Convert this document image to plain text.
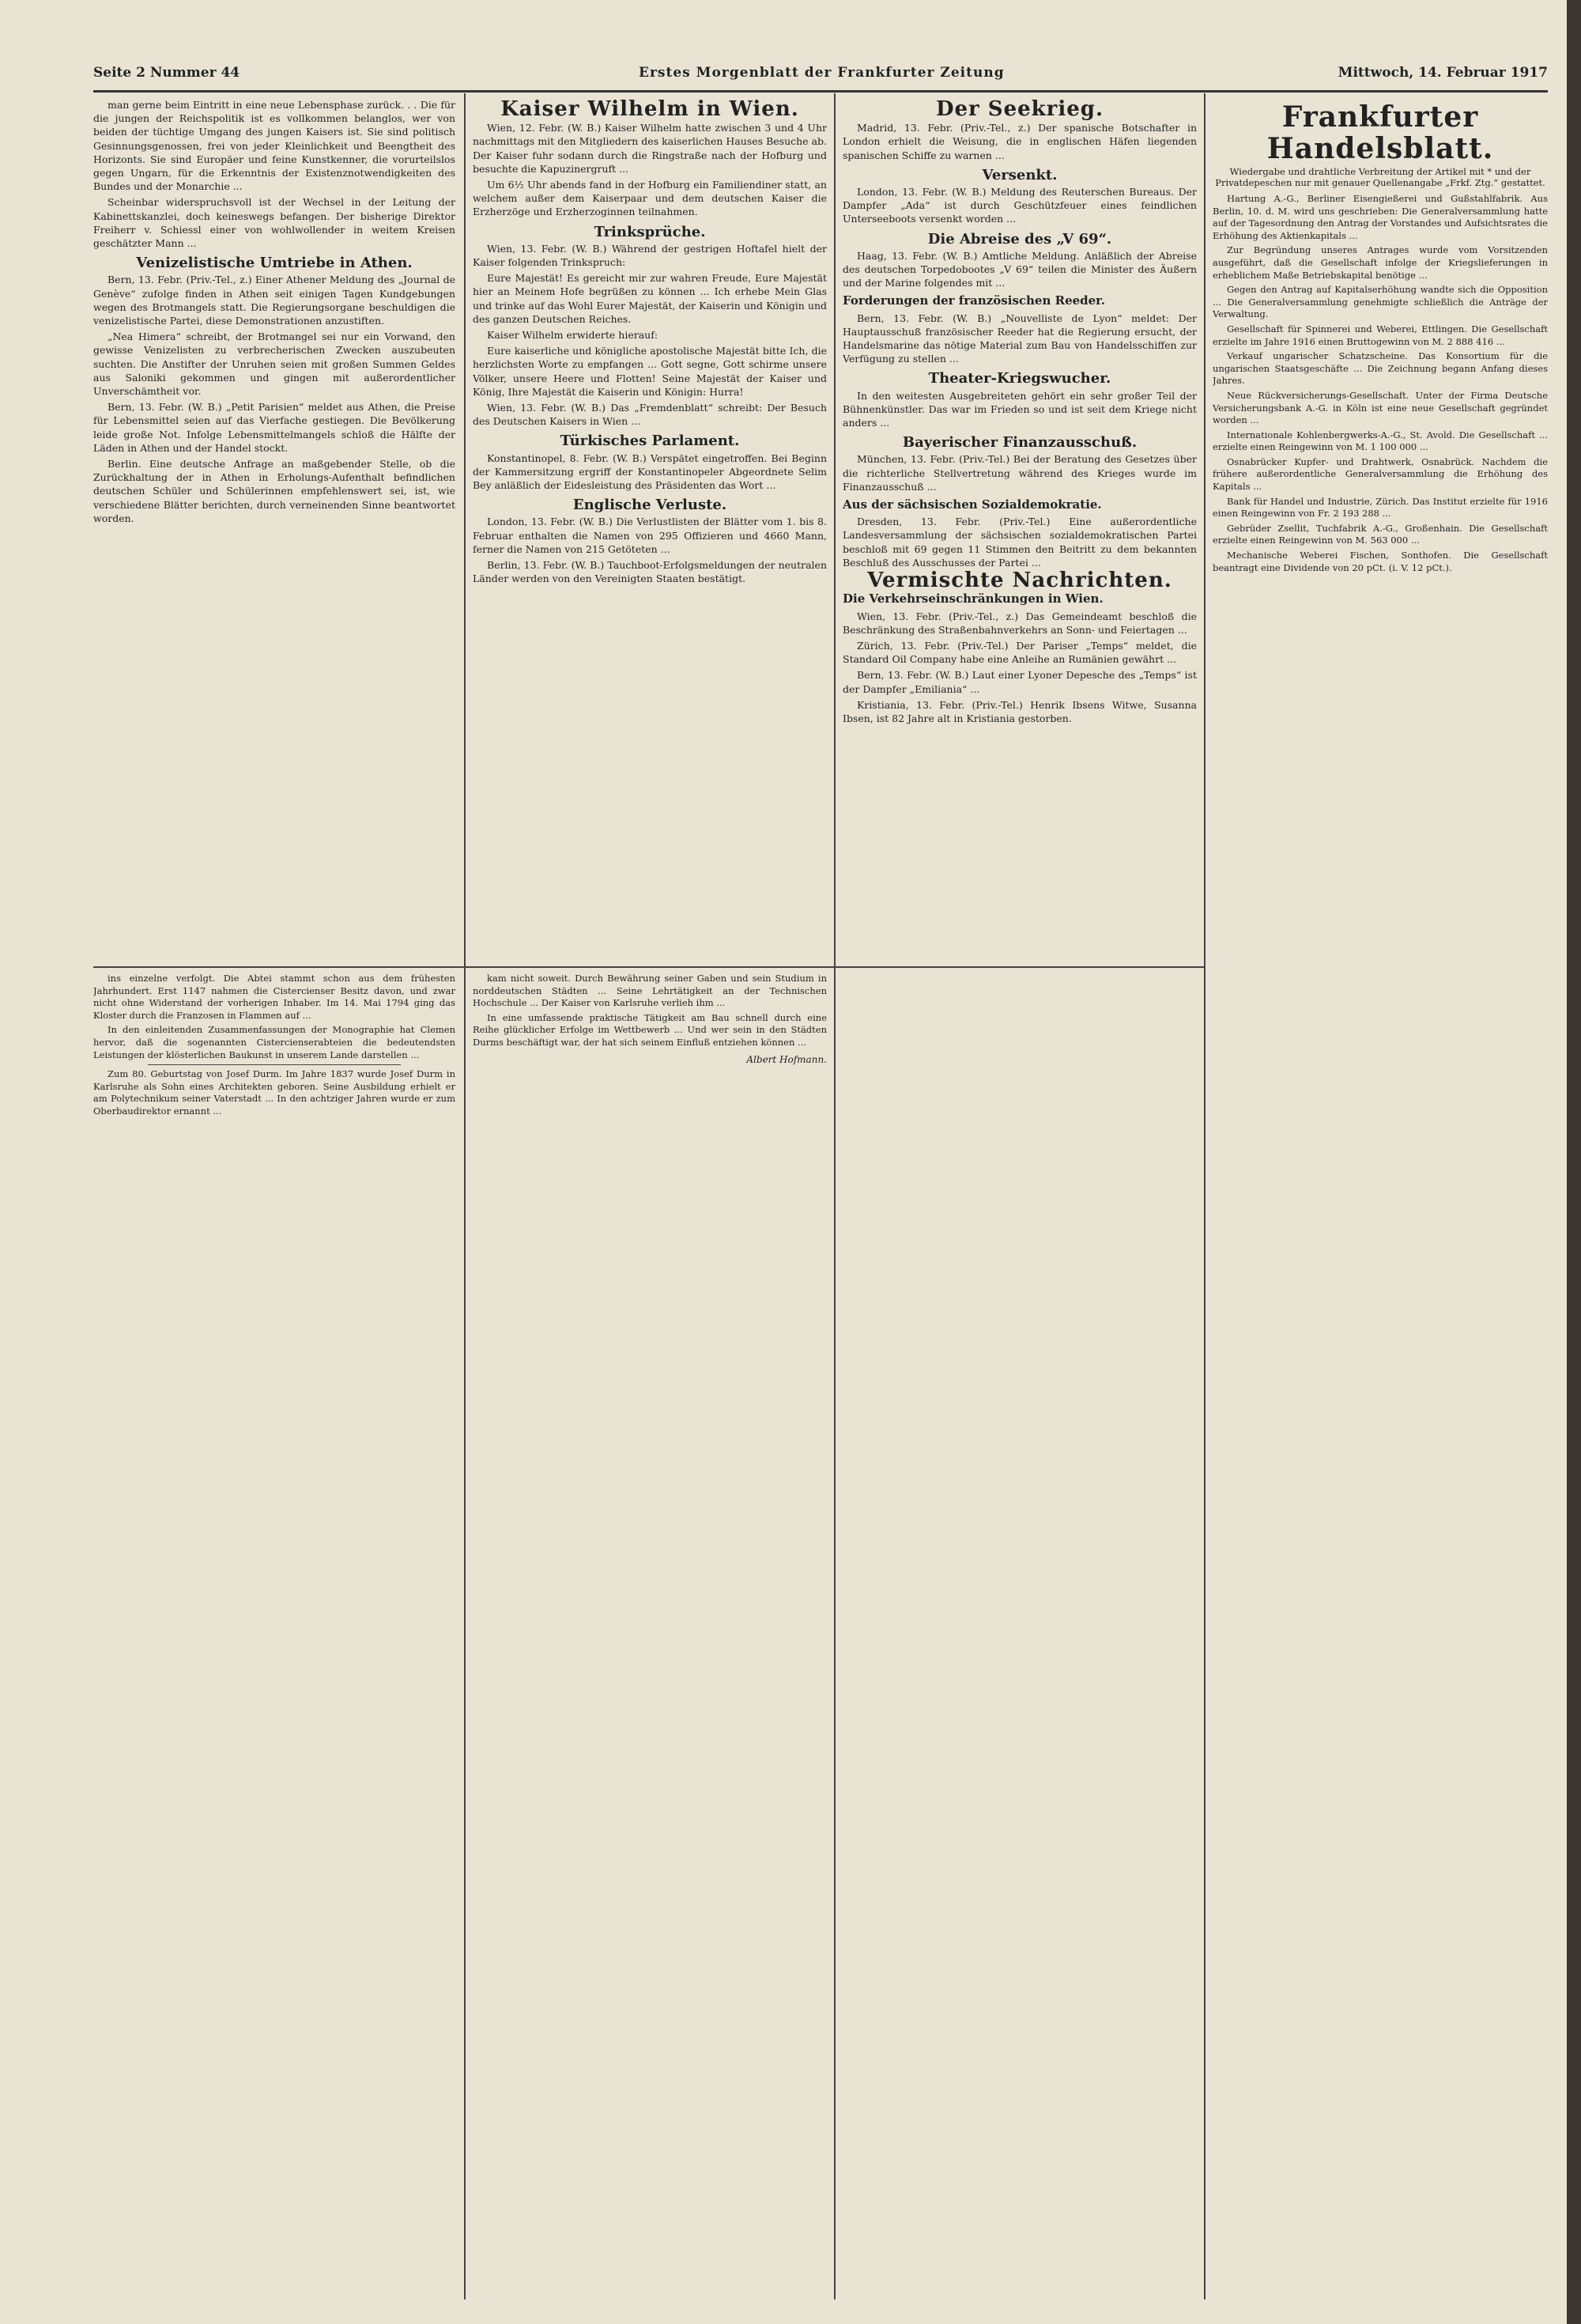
Seite 2 Nummer 44	Erstes Morgenblatt der Frankfurter Zeitung	Mittwoch, 14. Februar 1917

man gerne beim Eintritt in eine neue Lebensphase zurück. . . Die für die jungen der Reichspolitik ist es vollkommen belanglos, wer von beiden der tüchtige Umgang des jungen Kaisers ist. Sie sind politisch Gesinnungsgenossen, frei von jeder Kleinlichkeit und Beengtheit des Horizonts. Sie sind Europäer und feine Kunstkenner, die vorurteilslos gegen Ungarn, für die Erkenntnis der Existenznotwendigkeiten des Bundes und der Monarchie ...

Scheinbar widerspruchsvoll ist der Wechsel in der Leitung der Kabinettskanzlei, doch keineswegs befangen. Der bisherige Direktor Freiherr v. Schiessl einer von wohlwollender in weitem Kreisen geschätzter Mann ...

Venizelistische Umtriebe in Athen.

Bern, 13. Febr. (Priv.-Tel., z.) Einer Athener Meldung des „Journal de Genève“ zufolge finden in Athen seit einigen Tagen Kundgebungen wegen des Brotmangels statt. Die Regierungsorgane beschuldigen die venizelistische Partei, diese Demonstrationen anzustiften.

„Nea Himera“ schreibt, der Brotmangel sei nur ein Vorwand, den gewisse Venizelisten zu verbrecherischen Zwecken auszubeuten suchten. Die Anstifter der Unruhen seien mit großen Summen Geldes aus Saloniki gekommen und gingen mit außerordentlicher Unverschämtheit vor.

Bern, 13. Febr. (W. B.) „Petit Parisien“ meldet aus Athen, die Preise für Lebensmittel seien auf das Vierfache gestiegen. Die Bevölkerung leide große Not. Infolge Lebensmittelmangels schloß die Hälfte der Läden in Athen und der Handel stockt.

Berlin. Eine deutsche Anfrage an maßgebender Stelle, ob die Zurückhaltung der in Athen in Erholungs-Aufenthalt befindlichen deutschen Schüler und Schülerinnen empfehlenswert sei, ist, wie verschiedene Blätter berichten, durch verneinenden Sinne beantwortet worden.

ins einzelne verfolgt. Die Abtei stammt schon aus dem frühesten Jahrhundert. Erst 1147 nahmen die Cistercienser Besitz davon, und zwar nicht ohne Widerstand der vorherigen Inhaber. Im 14. Mai 1794 ging das Kloster durch die Franzosen in Flammen auf ...

In den einleitenden Zusammenfassungen der Monographie hat Clemen hervor, daß die sogenannten Cistercienserabteien die bedeutendsten Leistungen der klösterlichen Baukunst in unserem Lande darstellen ...

Zum 80. Geburtstag von Josef Durm. Im Jahre 1837 wurde Josef Durm in Karlsruhe als Sohn eines Architekten geboren. Seine Ausbildung erhielt er am Polytechnikum seiner Vaterstadt ... In den achtziger Jahren wurde er zum Oberbaudirektor ernannt ...

Kaiser Wilhelm in Wien.

Wien, 12. Febr. (W. B.) Kaiser Wilhelm hatte zwischen 3 und 4 Uhr nachmittags mit den Mitgliedern des kaiserlichen Hauses Besuche ab. Der Kaiser fuhr sodann durch die Ringstraße nach der Hofburg und besuchte die Kapuzinergruft ...

Um 6½ Uhr abends fand in der Hofburg ein Familiendiner statt, an welchem außer dem Kaiserpaar und dem deutschen Kaiser die Erzherzöge und Erzherzoginnen teilnahmen.

Trinksprüche.

Wien, 13. Febr. (W. B.) Während der gestrigen Hoftafel hielt der Kaiser folgenden Trinkspruch:

Eure Majestät! Es gereicht mir zur wahren Freude, Eure Majestät hier an Meinem Hofe begrüßen zu können ... Ich erhebe Mein Glas und trinke auf das Wohl Eurer Majestät, der Kaiserin und Königin und des ganzen Deutschen Reiches.

Kaiser Wilhelm erwiderte hierauf:

Eure kaiserliche und königliche apostolische Majestät bitte Ich, die herzlichsten Worte zu empfangen ... Gott segne, Gott schirme unsere Völker, unsere Heere und Flotten! Seine Majestät der Kaiser und König, Ihre Majestät die Kaiserin und Königin: Hurra!

Wien, 13. Febr. (W. B.) Das „Fremdenblatt“ schreibt: Der Besuch des Deutschen Kaisers in Wien ...

Türkisches Parlament.

Konstantinopel, 8. Febr. (W. B.) Verspätet eingetroffen. Bei Beginn der Kammersitzung ergriff der Konstantinopeler Abgeordnete Selim Bey anläßlich der Eidesleistung des Präsidenten das Wort ...

Englische Verluste.

London, 13. Febr. (W. B.) Die Verlustlisten der Blätter vom 1. bis 8. Februar enthalten die Namen von 295 Offizieren und 4660 Mann, ferner die Namen von 215 Getöteten ...

Berlin, 13. Febr. (W. B.) Tauchboot-Erfolgsmeldungen der neutralen Länder werden von den Vereinigten Staaten bestätigt.

kam nicht soweit. Durch Bewährung seiner Gaben und sein Studium in norddeutschen Städten ... Seine Lehrtätigkeit an der Technischen Hochschule ... Der Kaiser von Karlsruhe verlieh ihm ...

In eine umfassende praktische Tätigkeit am Bau schnell durch eine Reihe glücklicher Erfolge im Wettbewerb ... Und wer sein in den Städten Durms beschäftigt war, der hat sich seinem Einfluß entziehen können ...

Albert Hofmann.
Der Seekrieg.

Madrid, 13. Febr. (Priv.-Tel., z.) Der spanische Botschafter in London erhielt die Weisung, die in englischen Häfen liegenden spanischen Schiffe zu warnen ...

Versenkt.

London, 13. Febr. (W. B.) Meldung des Reuterschen Bureaus. Der Dampfer „Ada“ ist durch Geschützfeuer eines feindlichen Unterseeboots versenkt worden ...

Die Abreise des „V 69“.

Haag, 13. Febr. (W. B.) Amtliche Meldung. Anläßlich der Abreise des deutschen Torpedobootes „V 69“ teilen die Minister des Äußern und der Marine folgendes mit ...

Forderungen der französischen Reeder.

Bern, 13. Febr. (W. B.) „Nouvelliste de Lyon“ meldet: Der Hauptausschuß französischer Reeder hat die Regierung ersucht, der Handelsmarine das nötige Material zum Bau von Handelsschiffen zur Verfügung zu stellen ...

Theater-Kriegswucher.

In den weitesten Ausgebreiteten gehört ein sehr großer Teil der Bühnenkünstler. Das war im Frieden so und ist seit dem Kriege nicht anders ...

Bayerischer Finanzausschuß.

München, 13. Febr. (Priv.-Tel.) Bei der Beratung des Gesetzes über die richterliche Stellvertretung während des Krieges wurde im Finanzausschuß ...

Aus der sächsischen Sozialdemokratie.

Dresden, 13. Febr. (Priv.-Tel.) Eine außerordentliche Landesversammlung der sächsischen sozialdemokratischen Partei beschloß mit 69 gegen 11 Stimmen den Beitritt zu dem bekannten Beschluß des Ausschusses der Partei ...

Vermischte Nachrichten.
Die Verkehrseinschränkungen in Wien.

Wien, 13. Febr. (Priv.-Tel., z.) Das Gemeindeamt beschloß die Beschränkung des Straßenbahnverkehrs an Sonn- und Feiertagen ...

Zürich, 13. Febr. (Priv.-Tel.) Der Pariser „Temps“ meldet, die Standard Oil Company habe eine Anleihe an Rumänien gewährt ...

Bern, 13. Febr. (W. B.) Laut einer Lyoner Depesche des „Temps“ ist der Dampfer „Emiliania“ ...

Kristiania, 13. Febr. (Priv.-Tel.) Henrik Ibsens Witwe, Susanna Ibsen, ist 82 Jahre alt in Kristiania gestorben.

Frankfurter Handelsblatt.
Wiedergabe und drahtliche Verbreitung der Artikel mit * und der Privatdepeschen nur mit genauer Quellenangabe „Frkf. Ztg.“ gestattet.

Hartung A.-G., Berliner Eisengießerei und Gußstahlfabrik. Aus Berlin, 10. d. M. wird uns geschrieben: Die Generalversammlung hatte auf der Tagesordnung den Antrag der Vorstandes und Aufsichtsrates die Erhöhung des Aktienkapitals ...

Zur Begründung unseres Antrages wurde vom Vorsitzenden ausgeführt, daß die Gesellschaft infolge der Kriegslieferungen in erheblichem Maße Betriebskapital benötige ...

Gegen den Antrag auf Kapitalserhöhung wandte sich die Opposition ... Die Generalversammlung genehmigte schließlich die Anträge der Verwaltung.

Gesellschaft für Spinnerei und Weberei, Ettlingen. Die Gesellschaft erzielte im Jahre 1916 einen Bruttogewinn von M. 2 888 416 ...

Verkauf ungarischer Schatzscheine. Das Konsortium für die ungarischen Staatsgeschäfte ... Die Zeichnung begann Anfang dieses Jahres.

Neue Rückversicherungs-Gesellschaft. Unter der Firma Deutsche Versicherungsbank A.-G. in Köln ist eine neue Gesellschaft gegründet worden ...

Internationale Kohlenbergwerks-A.-G., St. Avold. Die Gesellschaft ... erzielte einen Reingewinn von M. 1 100 000 ...

Osnabrücker Kupfer- und Drahtwerk, Osnabrück. Nachdem die frühere außerordentliche Generalversammlung die Erhöhung des Kapitals ...

Bank für Handel und Industrie, Zürich. Das Institut erzielte für 1916 einen Reingewinn von Fr. 2 193 288 ...

Gebrüder Zsellit, Tuchfabrik A.-G., Großenhain. Die Gesellschaft erzielte einen Reingewinn von M. 563 000 ...

Mechanische Weberei Fischen, Sonthofen. Die Gesellschaft beantragt eine Dividende von 20 pCt. (i. V. 12 pCt.).
